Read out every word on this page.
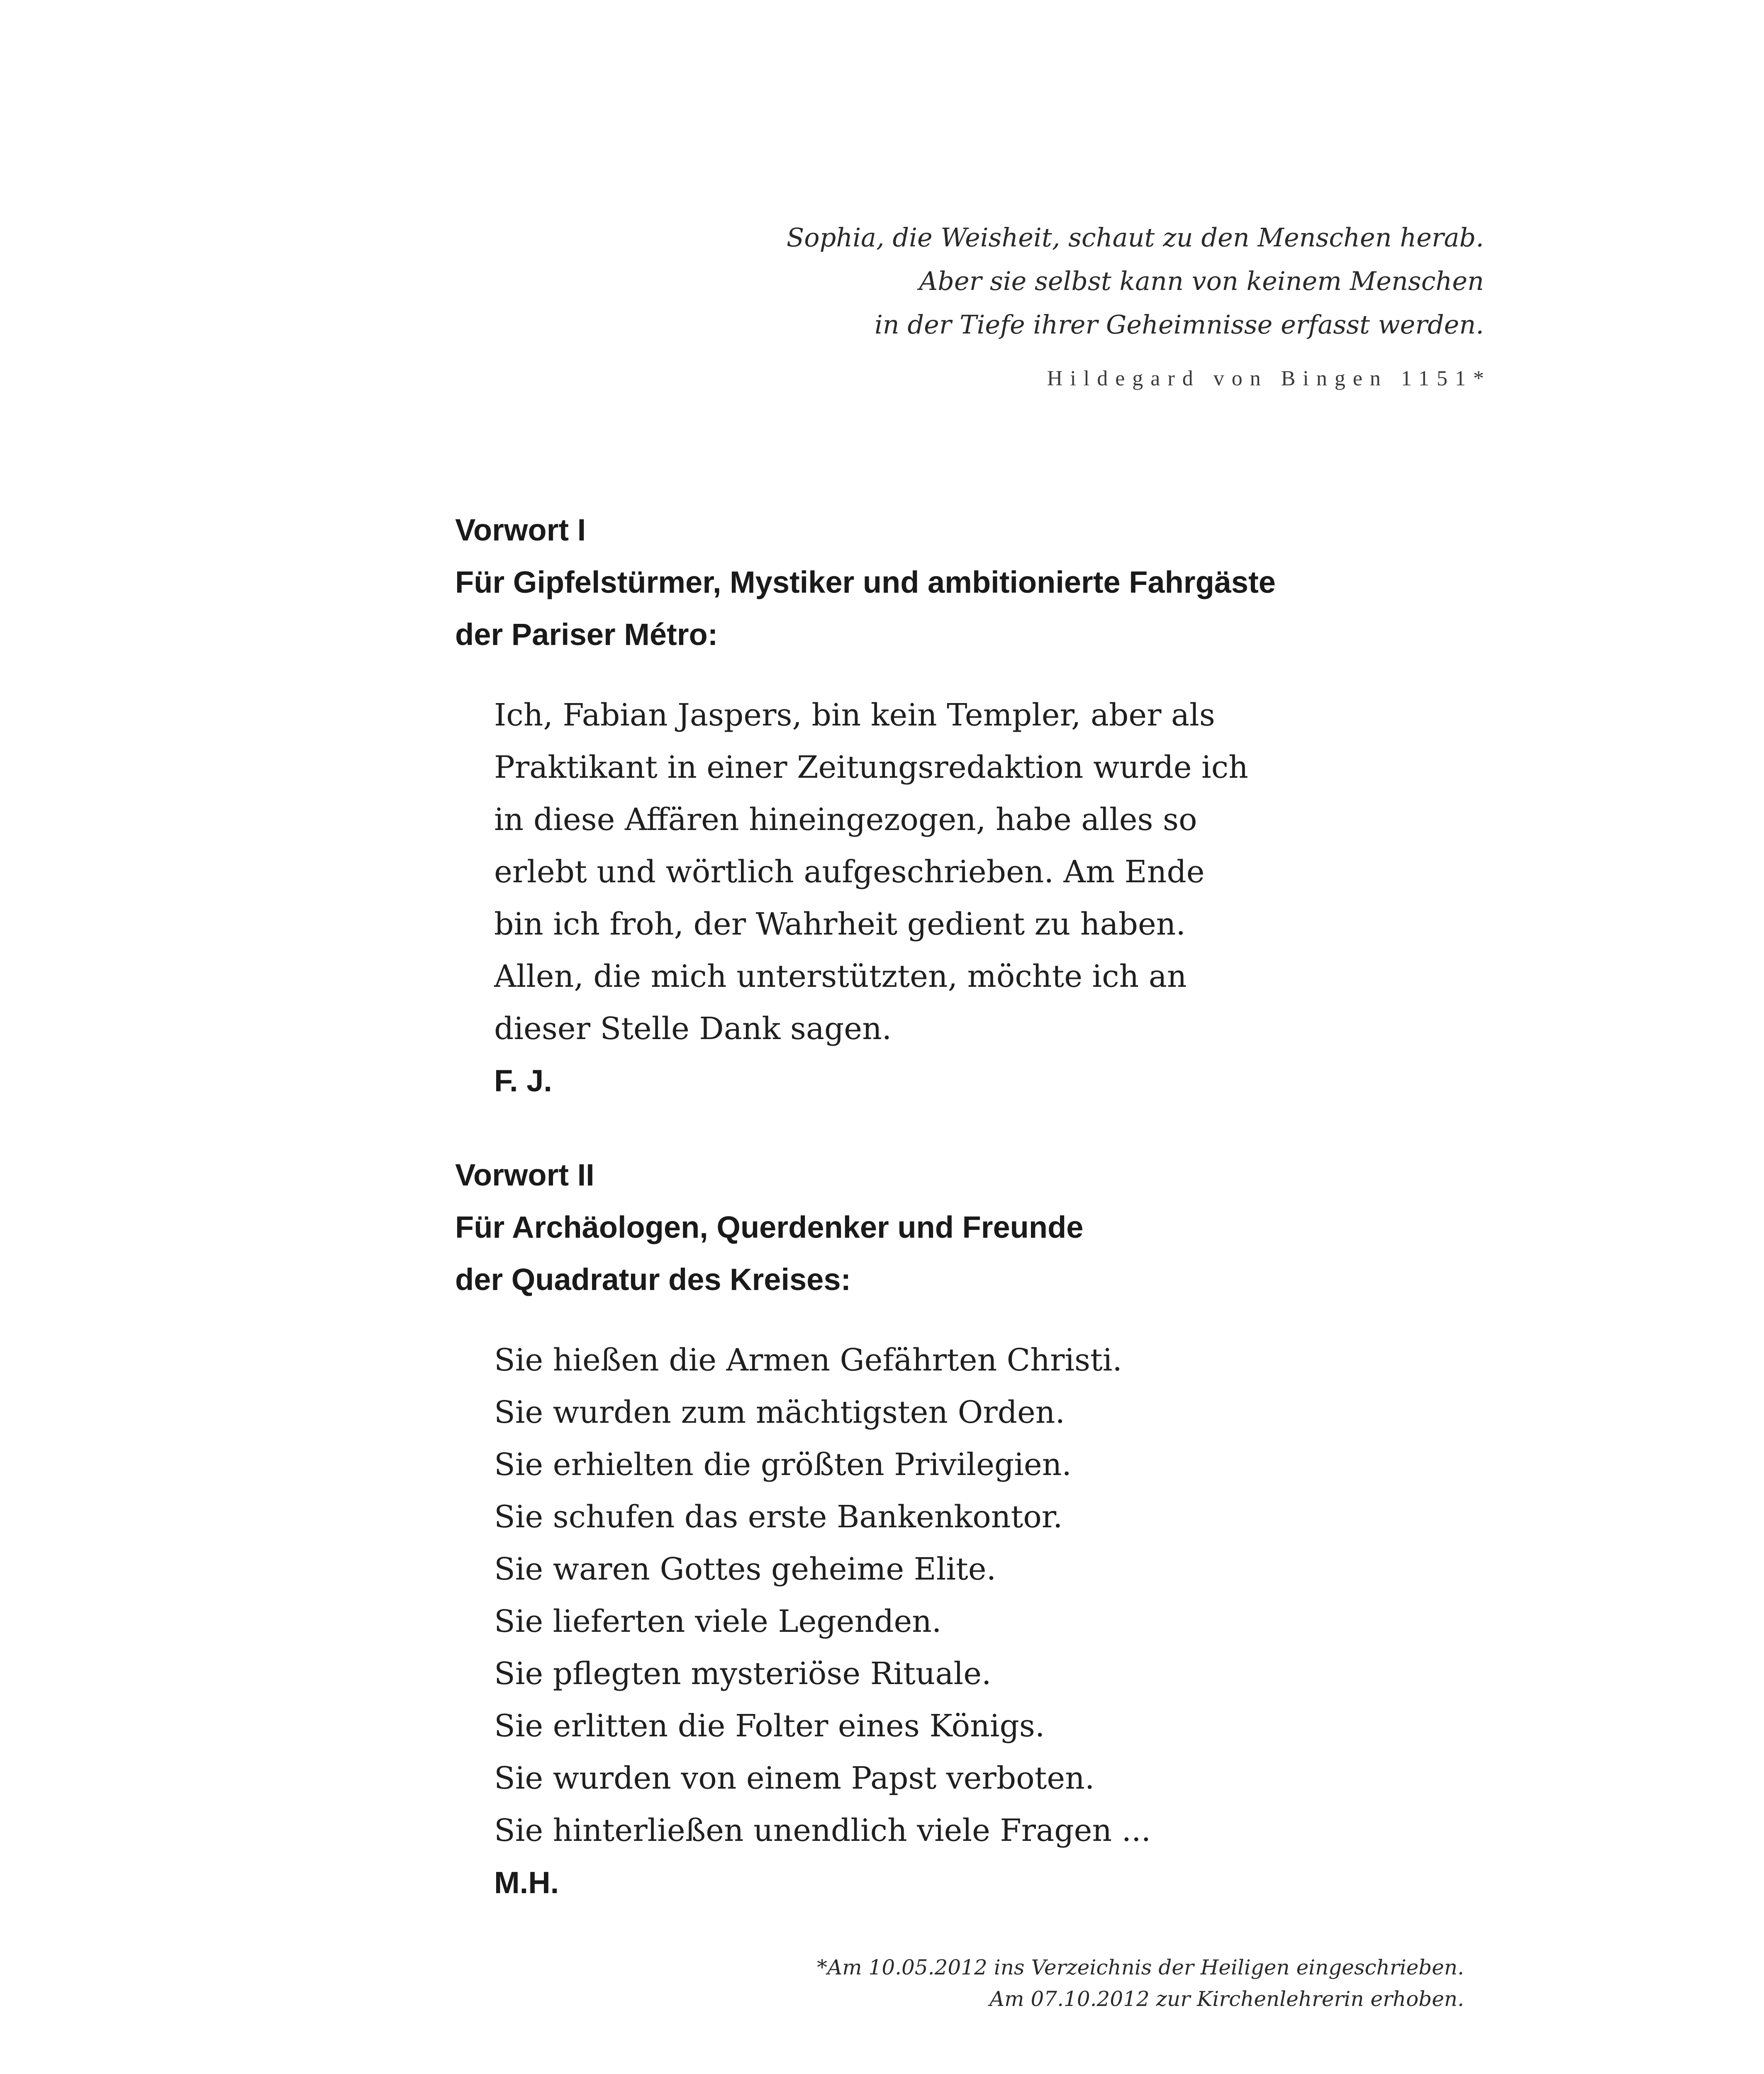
Sophia, die Weisheit, schaut zu den Menschen herab.
Aber sie selbst kann von keinem Menschen
in der Tiefe ihrer Geheimnisse erfasst werden.
Hildegard von Bingen 1151*
Vorwort I
Für Gipfelstürmer, Mystiker und ambitionierte Fahrgäste
der Pariser Métro:
Ich, Fabian Jaspers, bin kein Templer, aber als
Praktikant in einer Zeitungsredaktion wurde ich
in diese Affären hineingezogen, habe alles so
erlebt und wörtlich aufgeschrieben. Am Ende
bin ich froh, der Wahrheit gedient zu haben.
Allen, die mich unterstützten, möchte ich an
dieser Stelle Dank sagen.
F. J.
Vorwort II
Für Archäologen, Querdenker und Freunde
der Quadratur des Kreises:
Sie hießen die Armen Gefährten Christi.
Sie wurden zum mächtigsten Orden.
Sie erhielten die größten Privilegien.
Sie schufen das erste Bankenkontor.
Sie waren Gottes geheime Elite.
Sie lieferten viele Legenden.
Sie pflegten mysteriöse Rituale.
Sie erlitten die Folter eines Königs.
Sie wurden von einem Papst verboten.
Sie hinterließen unendlich viele Fragen ...
M.H.
*Am 10.05.2012 ins Verzeichnis der Heiligen eingeschrieben.
Am 07.10.2012 zur Kirchenlehrerin erhoben.
